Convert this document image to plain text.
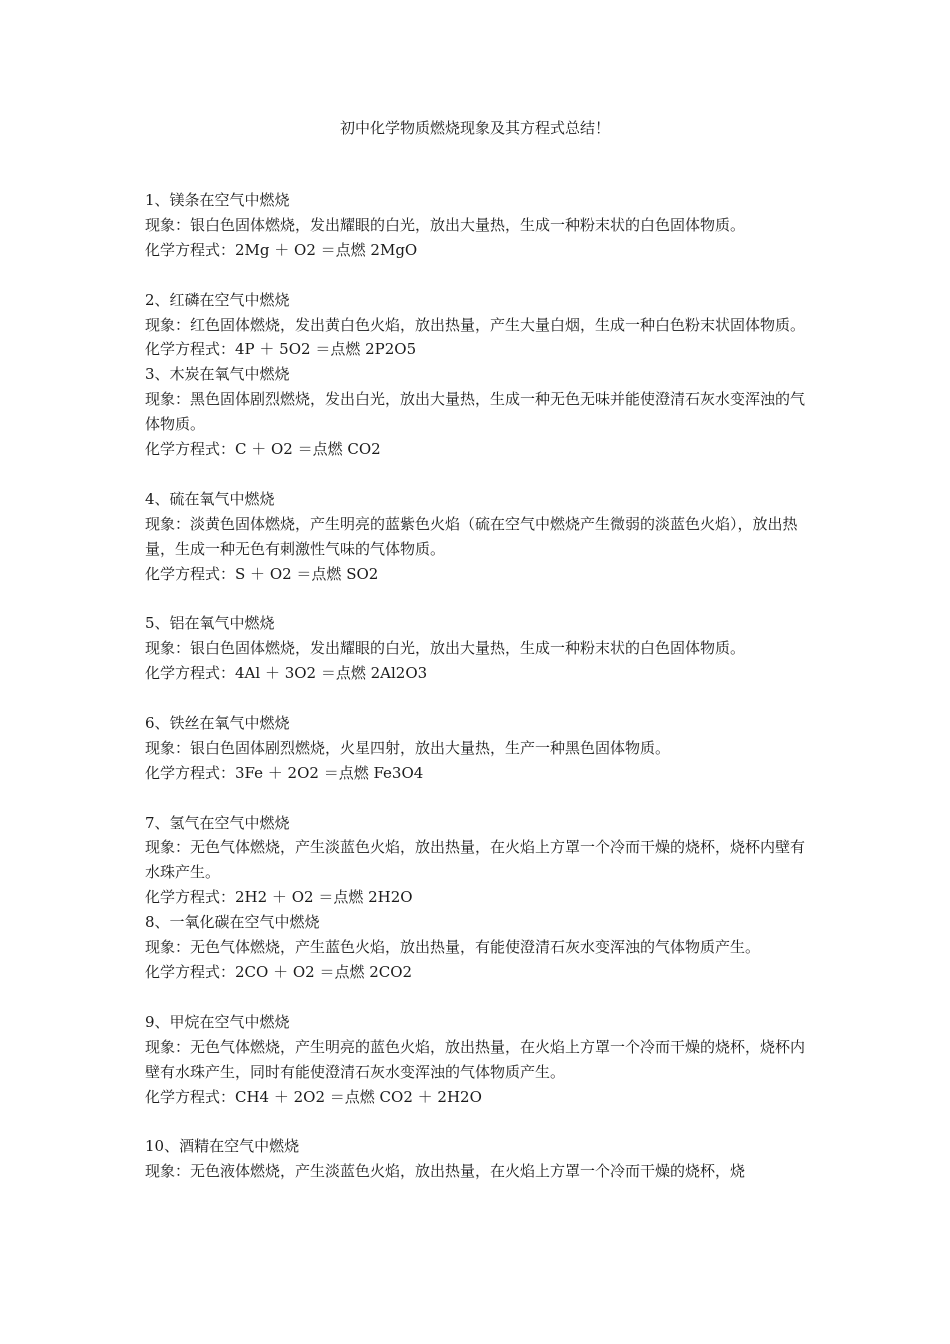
初中化学物质燃烧现象及其方程式总结！

1、镁条在空气中燃烧

现象：银白色固体燃烧，发出耀眼的白光，放出大量热，生成一种粉末状的白色固体物质。

化学方程式：2Mg ＋ O2 ＝点燃 2MgO

2、红磷在空气中燃烧

现象：红色固体燃烧，发出黄白色火焰，放出热量，产生大量白烟，生成一种白色粉末状固体物质。

化学方程式：4P ＋ 5O2 ＝点燃 2P2O5

3、木炭在氧气中燃烧

现象：黑色固体剧烈燃烧，发出白光，放出大量热，生成一种无色无味并能使澄清石灰水变浑浊的气体物质。

化学方程式：C ＋ O2 ＝点燃 CO2

4、硫在氧气中燃烧

现象：淡黄色固体燃烧，产生明亮的蓝紫色火焰（硫在空气中燃烧产生微弱的淡蓝色火焰），放出热量，生成一种无色有刺激性气味的气体物质。

化学方程式：S ＋ O2 ＝点燃 SO2

5、铝在氧气中燃烧

现象：银白色固体燃烧，发出耀眼的白光，放出大量热，生成一种粉末状的白色固体物质。

化学方程式：4Al ＋ 3O2 ＝点燃 2Al2O3

6、铁丝在氧气中燃烧

现象：银白色固体剧烈燃烧，火星四射，放出大量热，生产一种黑色固体物质。

化学方程式：3Fe ＋ 2O2 ＝点燃 Fe3O4

7、氢气在空气中燃烧

现象：无色气体燃烧，产生淡蓝色火焰，放出热量，在火焰上方罩一个冷而干燥的烧杯，烧杯内壁有水珠产生。

化学方程式：2H2 ＋ O2 ＝点燃 2H2O

8、一氧化碳在空气中燃烧

现象：无色气体燃烧，产生蓝色火焰，放出热量，有能使澄清石灰水变浑浊的气体物质产生。

化学方程式：2CO ＋ O2 ＝点燃 2CO2

9、甲烷在空气中燃烧

现象：无色气体燃烧，产生明亮的蓝色火焰，放出热量，在火焰上方罩一个冷而干燥的烧杯，烧杯内壁有水珠产生，同时有能使澄清石灰水变浑浊的气体物质产生。

化学方程式：CH4 ＋ 2O2 ＝点燃 CO2 ＋ 2H2O

10、酒精在空气中燃烧

现象：无色液体燃烧，产生淡蓝色火焰，放出热量，在火焰上方罩一个冷而干燥的烧杯，烧
